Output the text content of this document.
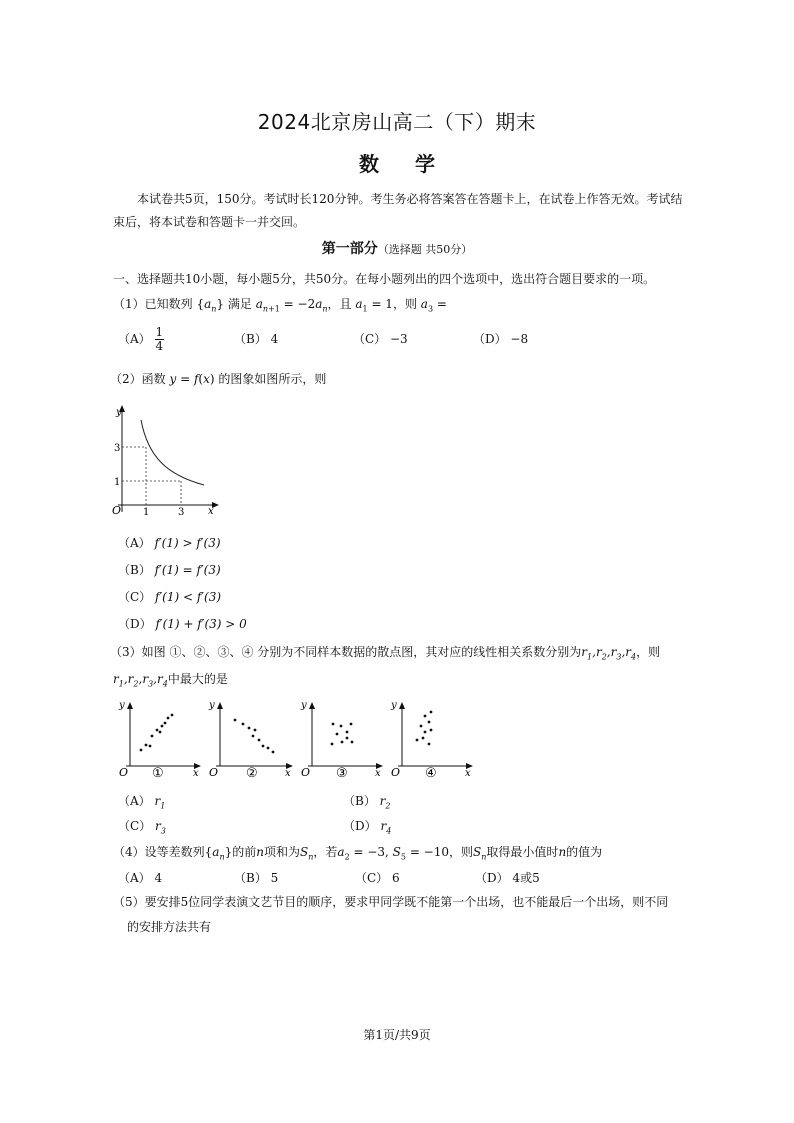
2024北京房山高二（下）期末
数 学
本试卷共5页，150分。考试时长120分钟。考生务必将答案答在答题卡上，在试卷上作答无效。考试结束后，将本试卷和答题卡一并交回。
第一部分（选择题 共50分）
一、选择题共10小题，每小题5分，共50分。在每小题列出的四个选项中，选出符合题目要求的一项。
（1）已知数列 $\{a_n\}$ 满足 $a_{n+1} = -2a_n$，且 $a_1 = 1$，则 $a_3$ =
$(A) \frac{1}{4}$	（B） 4	（C） −3	（D） −8
（2）函数 y = f(x) 的图象如图所示，则
y
x
O
3
1
1	3
（A） f′(1) > f′(3)
（B） f′(1) = f′(3)
（C） f′(1) < f′(3)
（D） f′(1) + f′(3) > 0
（3）如图 ①、②、③、④ 分别为不同样本数据的散点图，其对应的线性相关系数分别为$r_1,r_2,r_3,r_4$，则
$r_1,r_2,r_3,r_4$中最大的是
y
O	x
①
y
O	x
②
y
O	x
③
y
O	x
④
（A） $r_1$	（B） $r_2$
（C） $r_3$	（D） $r_4$
（4）设等差数列$\{a_n\}$的前n项和为$S_n$，若$a_2 = -3$, $S_5 = -10$，则$S_n$取得最小值时n的值为
（A） 4	（B） 5	（C） 6	（D） 4或5
（5）要安排5位同学表演文艺节目的顺序，要求甲同学既不能第一个出场，也不能最后一个出场，则不同
的安排方法共有
第1页/共9页
